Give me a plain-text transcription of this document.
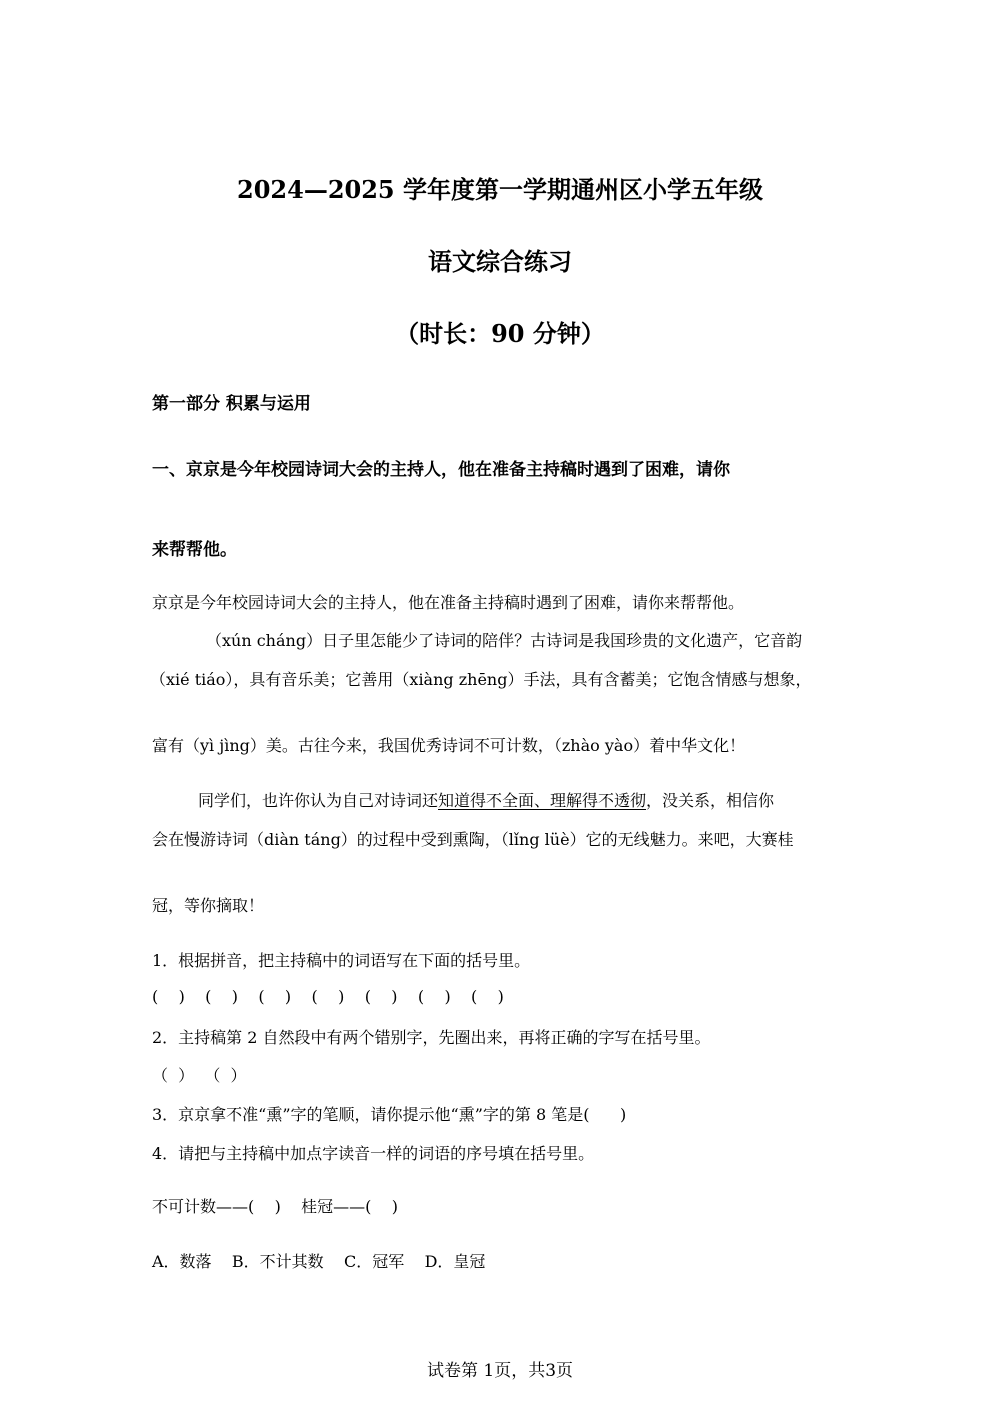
2024—2025 学年度第一学期通州区小学五年级
语文综合练习
（时长：90 分钟）
第一部分 积累与运用
一、京京是今年校园诗词大会的主持人，他在准备主持稿时遇到了困难，请你
来帮帮他。
京京是今年校园诗词大会的主持人，他在准备主持稿时遇到了困难，请你来帮帮他。
（xún cháng）日子里怎能少了诗词的陪伴？古诗词是我国珍贵的文化遗产，它音韵
（xié tiáo），具有音乐美；它善用（xiàng zhēng）手法，具有含蓄美；它饱含情感与想象，
富有（yì jìng）美。古往今来，我国优秀诗词不可计数，（zhào yào）着中华文化！
同学们，也许你认为自己对诗词还知道得不全面、理解得不透彻，没关系，相信你
会在慢游诗词（diàn táng）的过程中受到熏陶，（lǐng lüè）它的无线魅力。来吧，大赛桂
冠，等你摘取！
1．根据拼音，把主持稿中的词语写在下面的括号里。
(    )    (    )    (    )    (    )    (    )    (    )    (    )
2．主持稿第 2 自然段中有两个错别字，先圈出来，再将正确的字写在括号里。
（  ）  （  ）
3．京京拿不准“熏”字的笔顺，请你提示他“熏”字的第 8 笔是(      )
4．请把与主持稿中加点字读音一样的词语的序号填在括号里。
不可计数——(    )    桂冠——(    )
A．数落    B．不计其数    C．冠军    D．皇冠
试卷第 1页，共3页
